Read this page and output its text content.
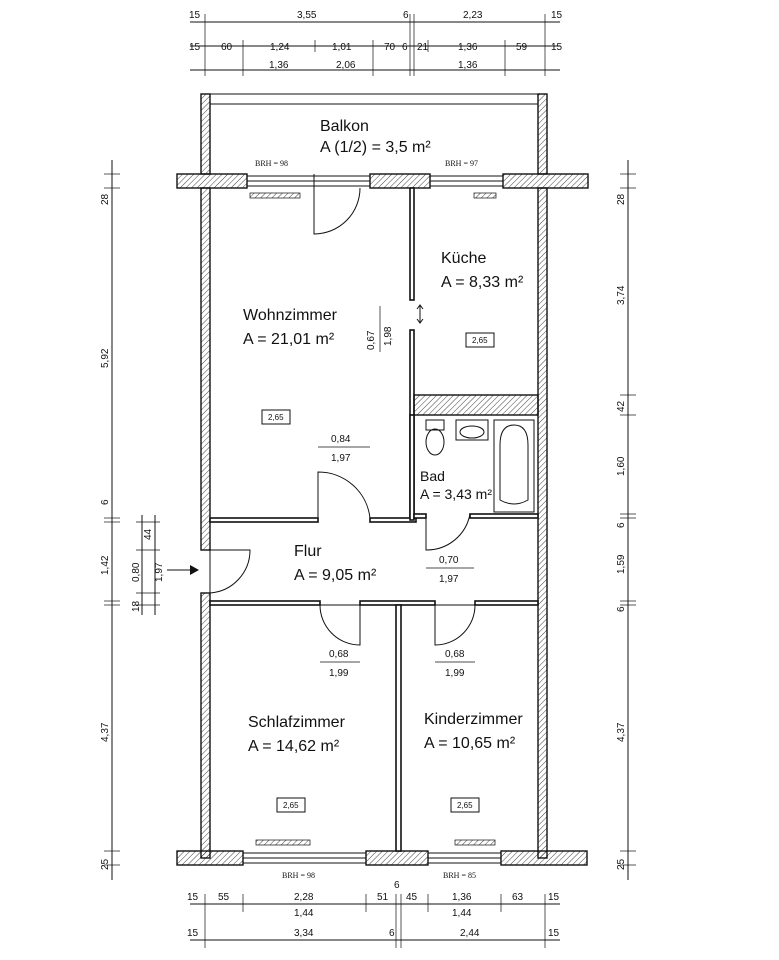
15	3,55	6	2,23	15
15 60	1,24	1,01	70 6 21	1,36	59 15
1,36	2,06	1,36
Balkon
A (1/2) = 3,5 m²
BRH = 98	BRH = 97
BRH = 98	BRH = 85
Wohnzimmer
A = 21,01 m²
Küche
A = 8,33 m²
Bad
A = 3,43 m²
Flur
A = 9,05 m²
Schlafzimmer
A = 14,62 m²
Kinderzimmer
A = 10,65 m²
2,65
2,65
2,65	2,65
0,67 1,98
0,84
1,97
0,70
1,97
0,68
1,99
0,68
1,99
28
5,92
6
1,42
4,37
25
44
1,97
0,80
18
28
3,74
42
1,60
6
1,59
6
4,37
25
15 55	2,28	51 45
6
1,36	63 15
1,44	1,44
15	3,34	6	2,44	15
